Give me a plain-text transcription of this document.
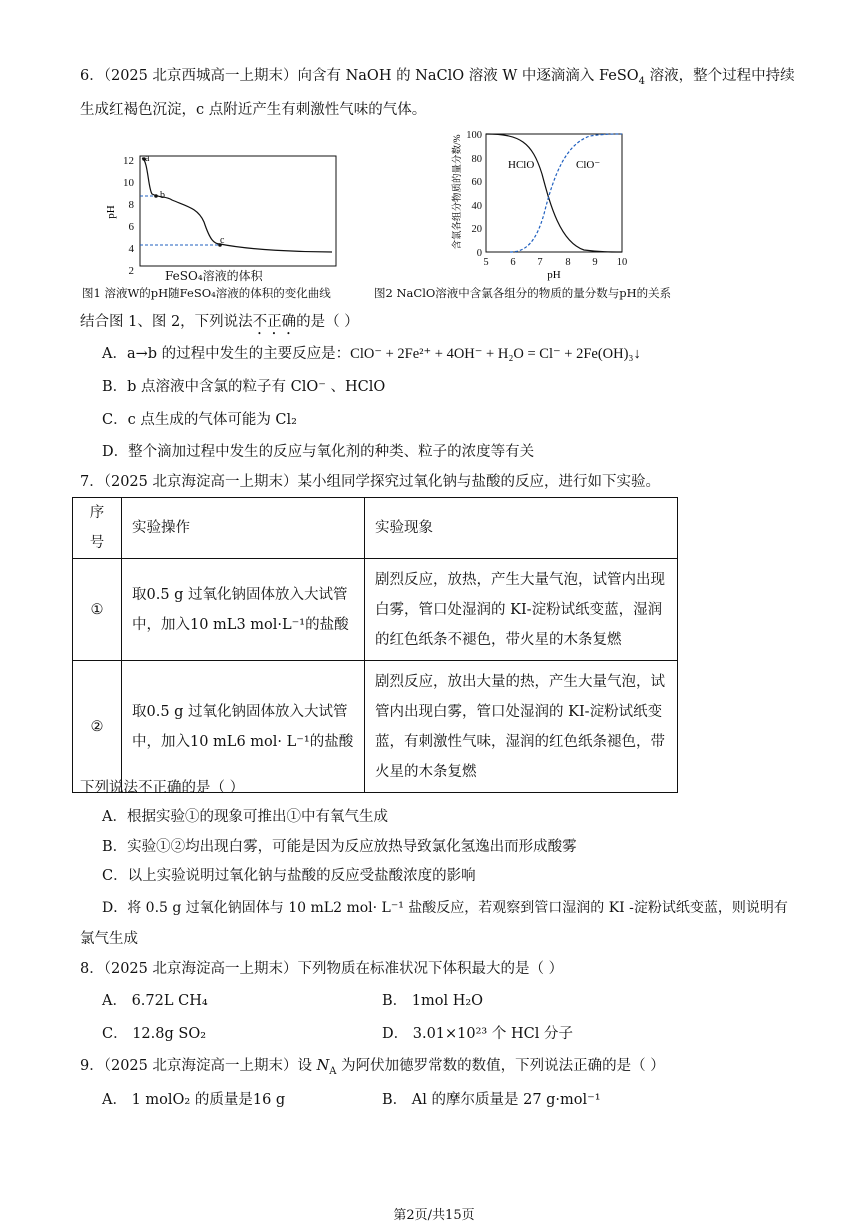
6．（2025 北京西城高一上期末）向含有 NaOH 的 NaClO 溶液 W 中逐滴滴入 FeSO$_4$ 溶液，整个过程中持续
生成红褐色沉淀，c 点附近产生有刺激性气味的气体。
12
10
8
6
4
2
pH
a
b
c
FeSO₄溶液的体积
图1 溶液W的pH随FeSO₄溶液的体积的变化曲线
100
80
60
40
20
0
5 6 7 8 9 10
pH
含氯各组分物质的量分数/%	HClO	ClO⁻
图2 NaClO溶液中含氯各组分的物质的量分数与pH的关系
结合图 1、图 2，下列说法不正确的是（ ）
A．a→b 的过程中发生的主要反应是：ClO⁻ + 2Fe²⁺ + 4OH⁻ + H₂O = Cl⁻ + 2Fe(OH)₃↓
B．b 点溶液中含氯的粒子有 ClO⁻ 、HClO
C．c 点生成的气体可能为 Cl₂
D．整个滴加过程中发生的反应与氧化剂的种类、粒子的浓度等有关
7．（2025 北京海淀高一上期末）某小组同学探究过氧化钠与盐酸的反应，进行如下实验。
序号	实验操作	实验现象
①	取0.5 g 过氧化钠固体放入大试管中，加入10 mL3 mol·L⁻¹的盐酸	剧烈反应，放热，产生大量气泡，试管内出现白雾，管口处湿润的 KI-淀粉试纸变蓝，湿润的红色纸条不褪色，带火星的木条复燃
②	取0.5 g 过氧化钠固体放入大试管中，加入10 mL6 mol· L⁻¹的盐酸	剧烈反应，放出大量的热，产生大量气泡，试管内出现白雾，管口处湿润的 KI-淀粉试纸变蓝，有刺激性气味，湿润的红色纸条褪色，带火星的木条复燃
下列说法不正确的是（ ）
A．根据实验①的现象可推出①中有氧气生成
B．实验①②均出现白雾，可能是因为反应放热导致氯化氢逸出而形成酸雾
C．以上实验说明过氧化钠与盐酸的反应受盐酸浓度的影响
D．将 0.5 g 过氧化钠固体与 10 mL2 mol· L⁻¹ 盐酸反应，若观察到管口湿润的 KI -淀粉试纸变蓝，则说明有
氯气生成
8．（2025 北京海淀高一上期末）下列物质在标准状况下体积最大的是（ ）
A． 6.72L CH₄	B． 1mol H₂O
C． 12.8g SO₂	D． 3.01×10²³ 个 HCl 分子
9．（2025 北京海淀高一上期末）设 $N_A$ 为阿伏加德罗常数的数值，下列说法正确的是（ ）
A． 1 molO₂ 的质量是16 g	B． Al 的摩尔质量是 27 g·mol⁻¹
第2页/共15页
